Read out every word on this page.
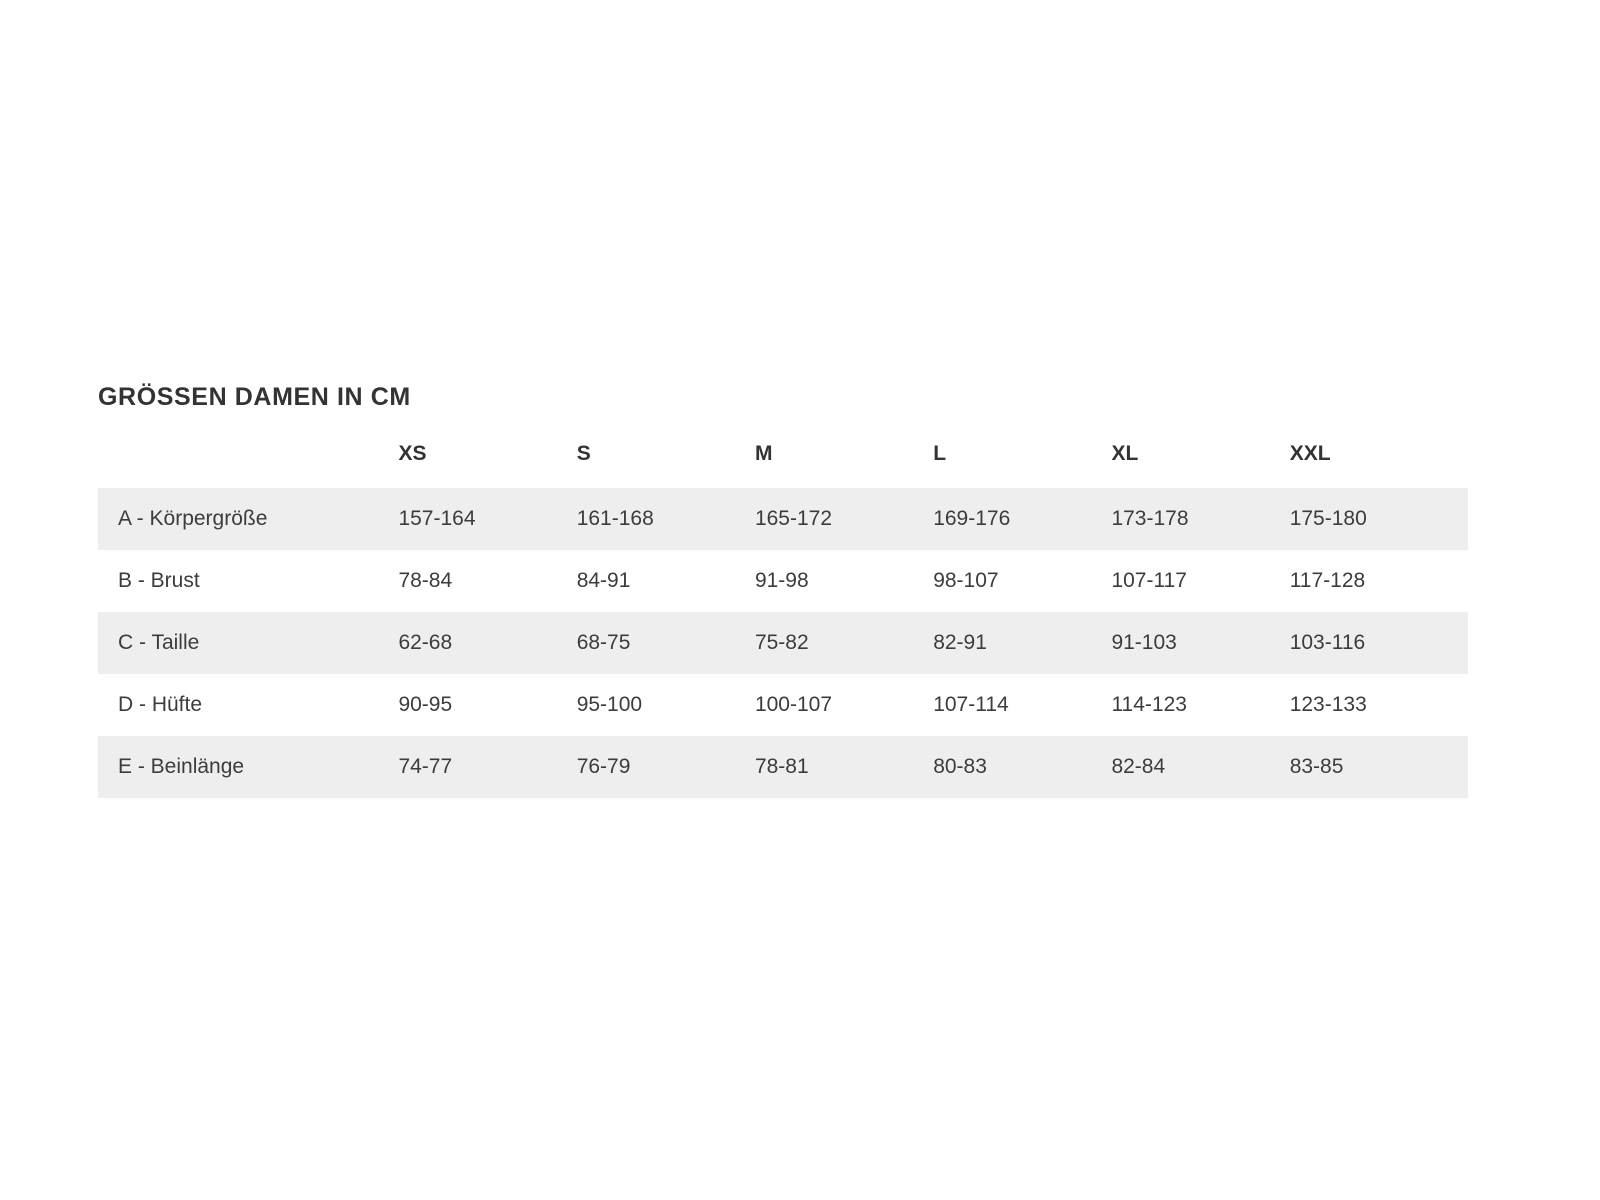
GRÖSSEN DAMEN IN CM
	XS	S	M	L	XL	XXL
A - Körpergröße	157-164	161-168	165-172	169-176	173-178	175-180
B - Brust	78-84	84-91	91-98	98-107	107-117	117-128
C - Taille	62-68	68-75	75-82	82-91	91-103	103-116
D - Hüfte	90-95	95-100	100-107	107-114	114-123	123-133
E - Beinlänge	74-77	76-79	78-81	80-83	82-84	83-85
